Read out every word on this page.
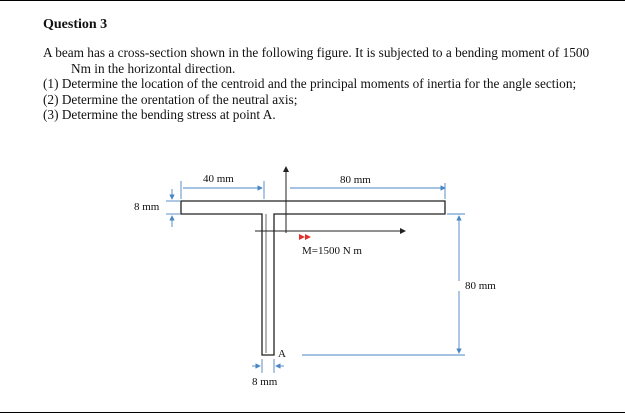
Question 3

A beam has a cross-section shown in the following figure. It is subjected to a bending moment of 1500 Nm in the horizontal direction.

(1) Determine the location of the centroid and the principal moments of inertia for the angle section;

(2) Determine the orentation of the neutral axis;

(3) Determine the bending stress at point A.

M=1500 N m
40 mm	80 mm
8 mm
80 mm
A
8 mm
